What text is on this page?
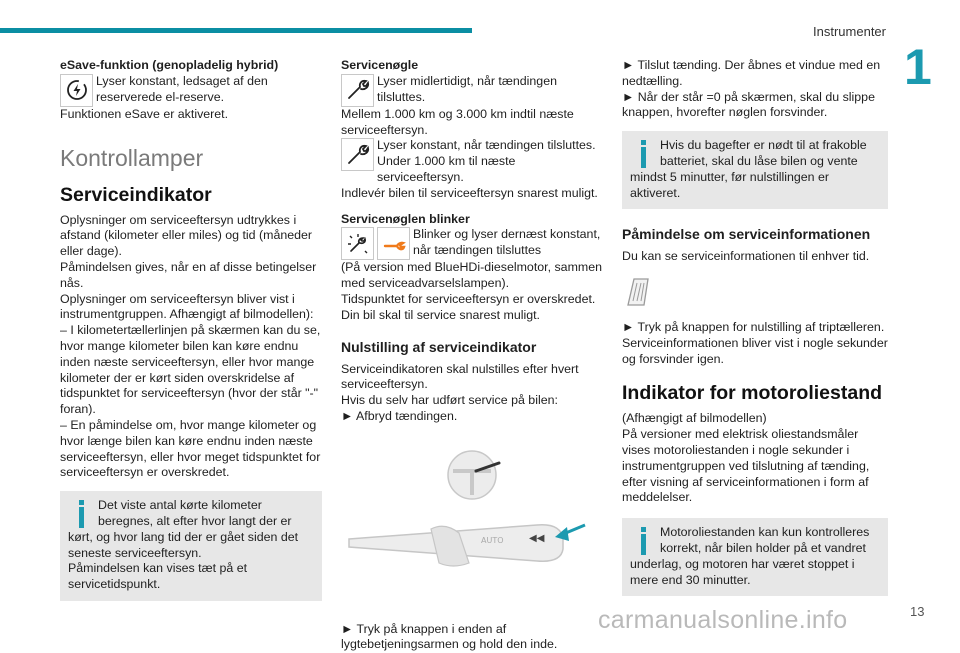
Instrumenter
1

eSave-funktion (genopladelig hybrid)

Lyser konstant, ledsaget af den reserverede el-reserve.

Funktionen eSave er aktiveret.

Kontrollamper

Serviceindikator

Oplysninger om serviceeftersyn udtrykkes i afstand (kilometer eller miles) og tid (måneder eller dage).

Påmindelsen gives, når en af disse betingelser nås.

Oplysninger om serviceeftersyn bliver vist i instrumentgruppen. Afhængigt af bilmodellen):

– I kilometertællerlinjen på skærmen kan du se, hvor mange kilometer bilen kan køre endnu inden næste serviceeftersyn, eller hvor mange kilometer der er kørt siden overskridelse af tidspunktet for serviceeftersyn (hvor der står "-" foran).

– En påmindelse om, hvor mange kilometer og hvor længe bilen kan køre endnu inden næste serviceeftersyn, eller hvor meget tidspunktet for serviceeftersyn er overskredet.

Det viste antal kørte kilometer beregnes, alt efter hvor langt der er kørt, og hvor lang tid der er gået siden det seneste serviceeftersyn.

Påmindelsen kan vises tæt på et servicetidspunkt.

Servicenøgle

Lyser midlertidigt, når tændingen tilsluttes.

Mellem 1.000 km og 3.000 km indtil næste serviceeftersyn.

Lyser konstant, når tændingen tilsluttes. Under 1.000 km til næste serviceeftersyn.

Indlevér bilen til serviceeftersyn snarest muligt.

Servicenøglen blinker

Blinker og lyser dernæst konstant, når tændingen tilsluttes

(På version med BlueHDi-dieselmotor, sammen med serviceadvarselslampen).

Tidspunktet for serviceeftersyn er overskredet. Din bil skal til service snarest muligt.

Nulstilling af serviceindikator

Serviceindikatoren skal nulstilles efter hvert serviceeftersyn.

Hvis du selv har udført service på bilen:

► Afbryd tændingen.

AUTO	◀◀

► Tryk på knappen i enden af lygtebetjeningsarmen og hold den inde.

► Tilslut tænding. Der åbnes et vindue med en nedtælling.

► Når der står =0 på skærmen, skal du slippe knappen, hvorefter nøglen forsvinder.

Hvis du bagefter er nødt til at frakoble batteriet, skal du låse bilen og vente mindst 5 minutter, før nulstillingen er aktiveret.

Påmindelse om serviceinformationen

Du kan se serviceinformationen til enhver tid.

► Tryk på knappen for nulstilling af triptælleren.

Serviceinformationen bliver vist i nogle sekunder og forsvinder igen.

Indikator for motoroliestand

(Afhængigt af bilmodellen)

På versioner med elektrisk oliestandsmåler vises motoroliestanden i nogle sekunder i instrumentgruppen ved tilslutning af tænding, efter visning af serviceinformationen i form af meddelelser.

Motoroliestanden kan kun kontrolleres korrekt, når bilen holder på et vandret underlag, og motoren har været stoppet i mere end 30 minutter.

carmanualsonline.info	13
